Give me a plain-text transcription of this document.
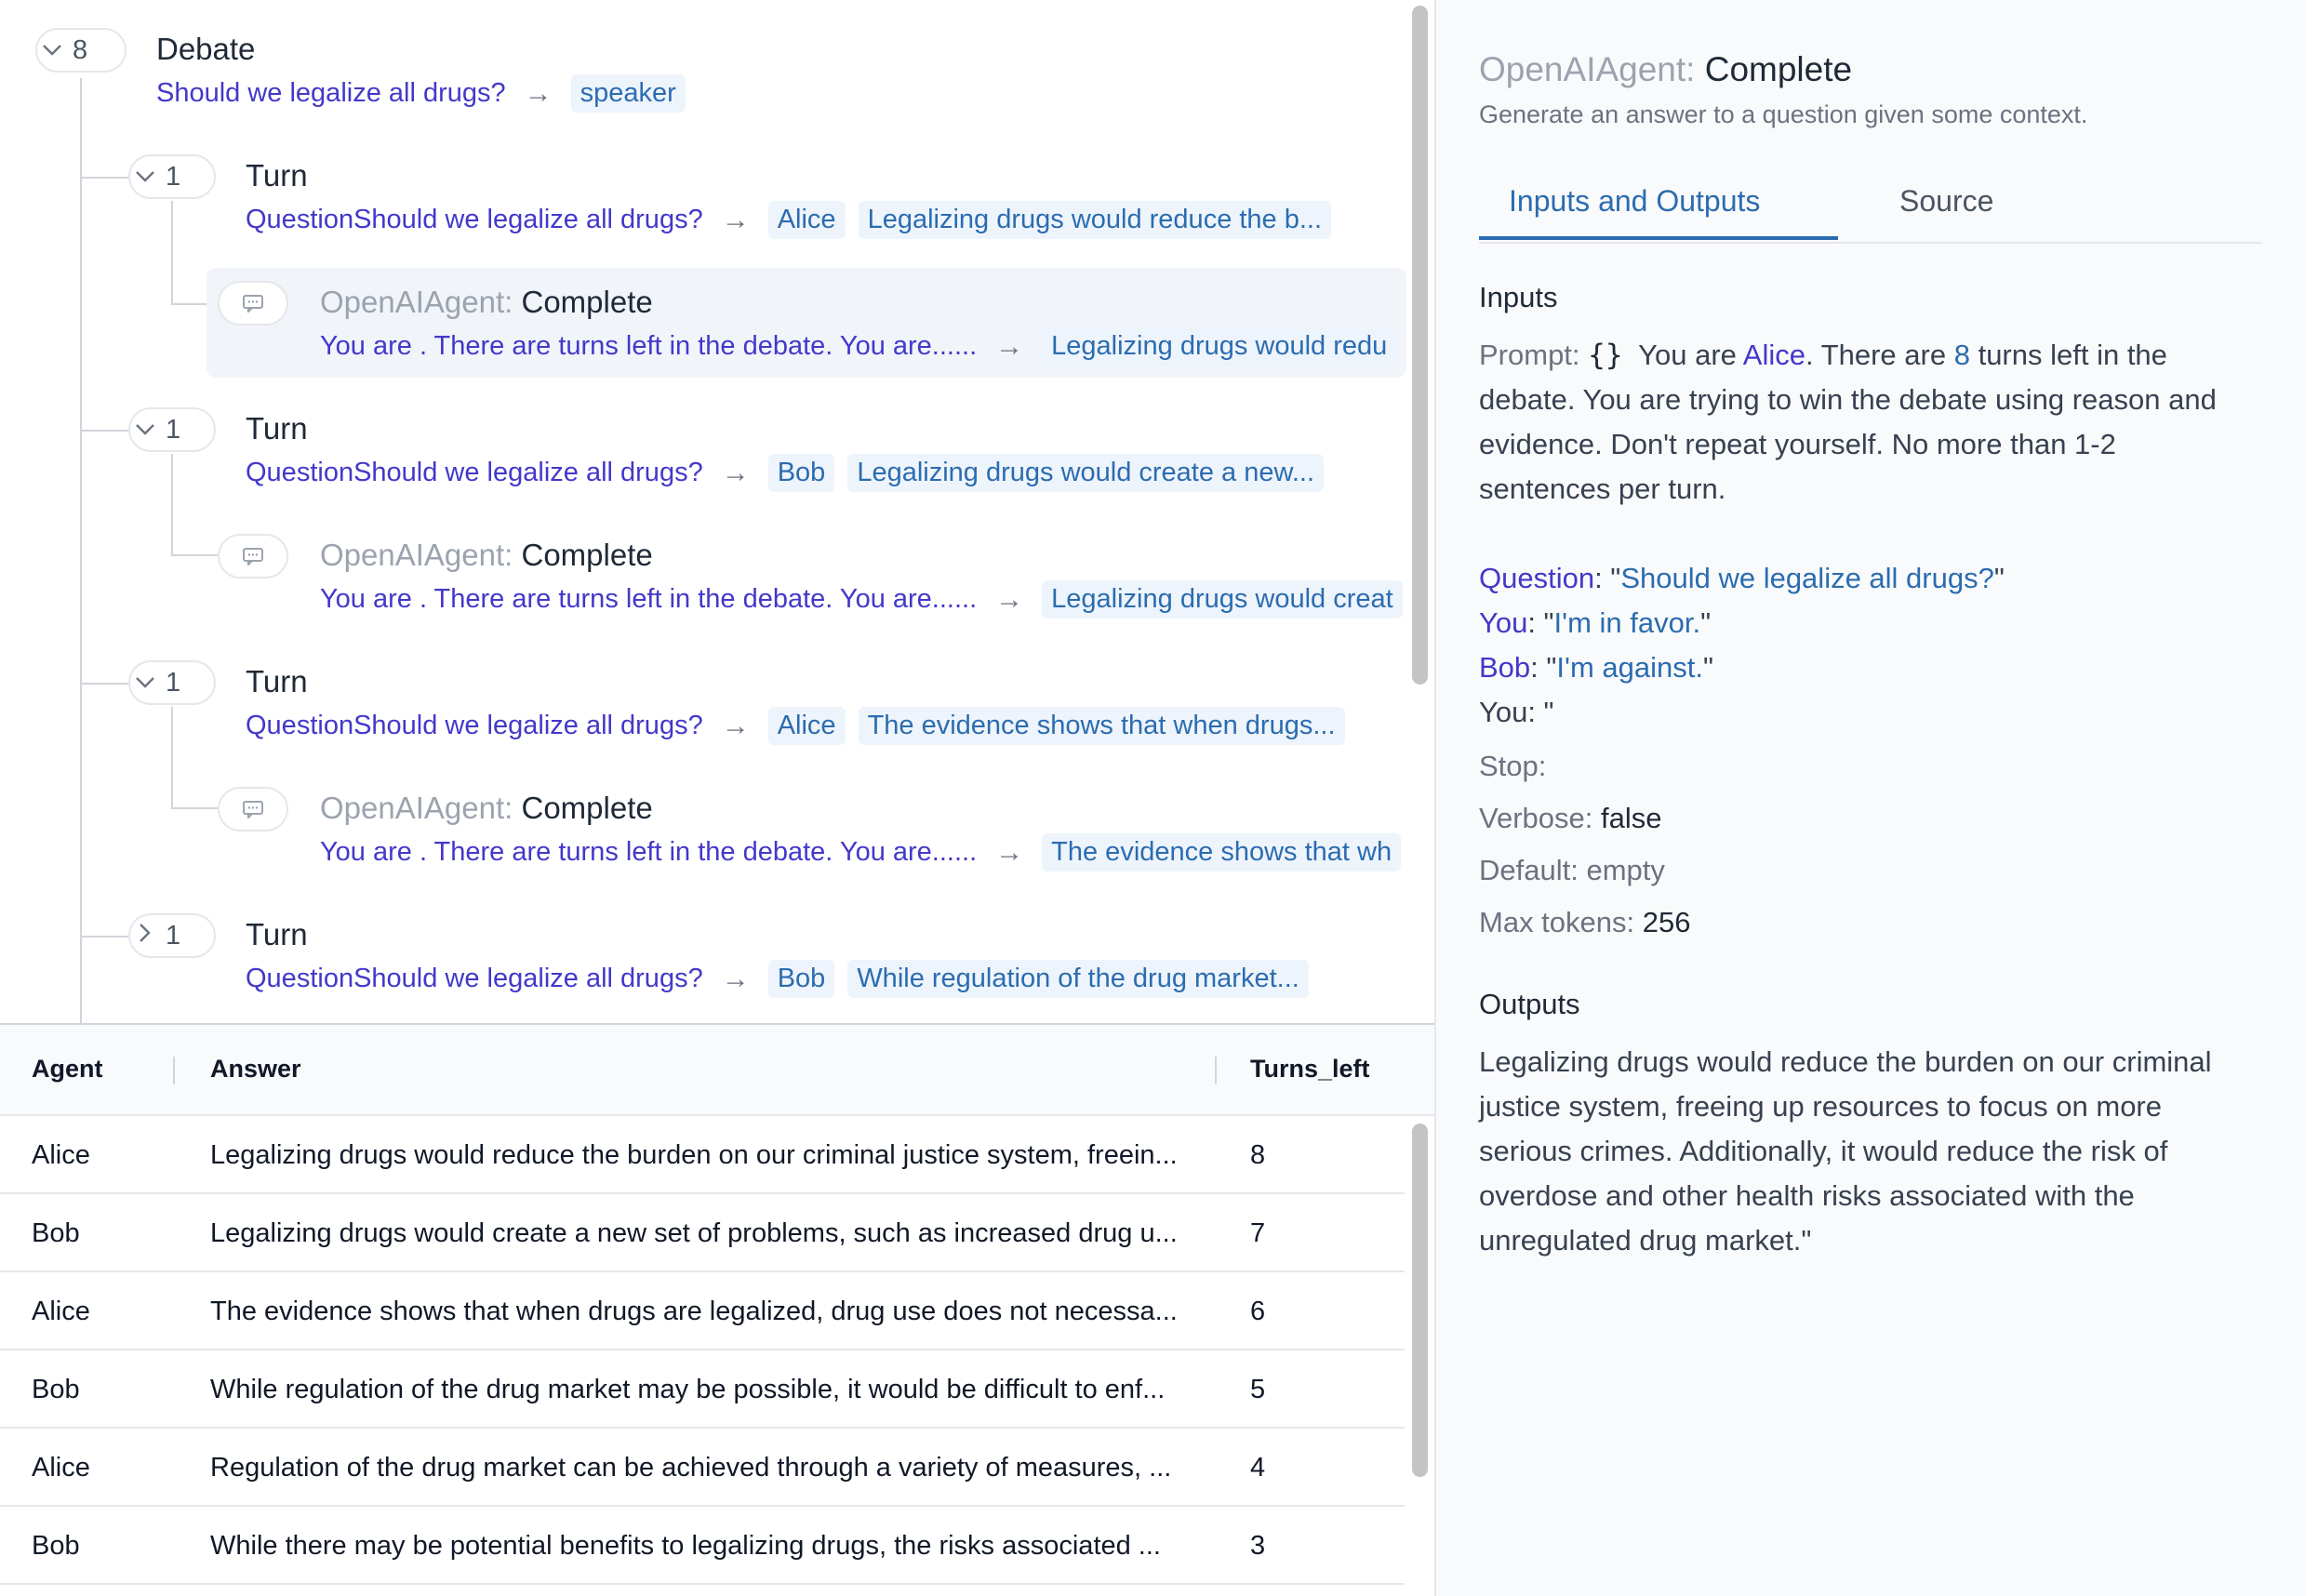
8 Debate
Should we legalize all drugs? →	speaker
1 Turn
QuestionShould we legalize all drugs? →	Alice	Legalizing drugs would reduce the b...
OpenAIAgent: Complete
You are . There are turns left in the debate. You are...... →	Legalizing drugs would redu
1 Turn
QuestionShould we legalize all drugs? →	Bob	Legalizing drugs would create a new...
OpenAIAgent: Complete
You are . There are turns left in the debate. You are...... →	Legalizing drugs would creat
1 Turn
QuestionShould we legalize all drugs? →	Alice	The evidence shows that when drugs...
OpenAIAgent: Complete
You are . There are turns left in the debate. You are...... →	The evidence shows that wh
1 Turn
QuestionShould we legalize all drugs? →	Bob	While regulation of the drug market...
Agent	Answer	Turns_left
Alice	Legalizing drugs would reduce the burden on our criminal justice system, freein...	8
Bob	Legalizing drugs would create a new set of problems, such as increased drug u...	7
Alice	The evidence shows that when drugs are legalized, drug use does not necessa...	6
Bob	While regulation of the drug market may be possible, it would be difficult to enf...	5
Alice	Regulation of the drug market can be achieved through a variety of measures, ...	4
Bob	While there may be potential benefits to legalizing drugs, the risks associated ...	3
OpenAIAgent: Complete
Generate an answer to a question given some context.
Inputs and Outputs	Source
Inputs
Prompt: {} You are Alice. There are 8 turns left in the
debate. You are trying to win the debate using reason and
evidence. Don't repeat yourself. No more than 1-2
sentences per turn.
Question: "Should we legalize all drugs?"
You: "I'm in favor."
Bob: "I'm against."
You: "
Stop:
Verbose: false
Default: empty
Max tokens: 256
Outputs
Legalizing drugs would reduce the burden on our criminal
justice system, freeing up resources to focus on more
serious crimes. Additionally, it would reduce the risk of
overdose and other health risks associated with the
unregulated drug market."
